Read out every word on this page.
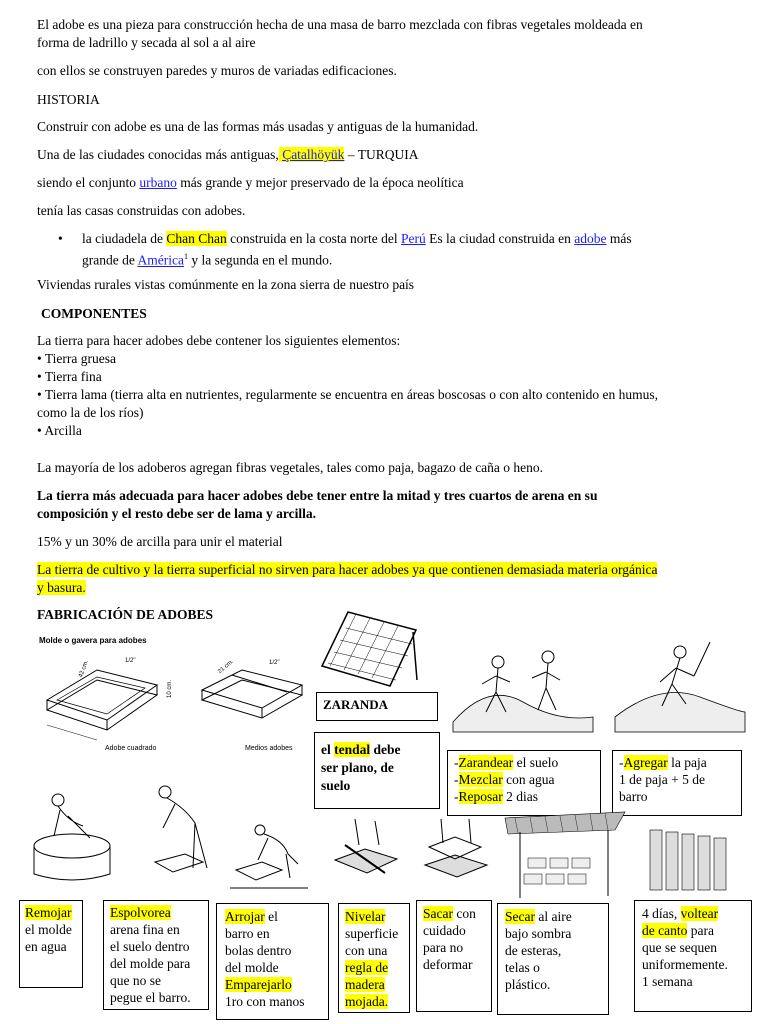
El adobe es una pieza para construcción hecha de una masa de barro mezclada con fibras vegetales moldeada en
forma de ladrillo y secada al sol a al aire
con ellos se construyen paredes y muros de variadas edificaciones.
HISTORIA
Construir con adobe es una de las formas más usadas y antiguas de la humanidad.
Una de las ciudades conocidas más antiguas, Çatalhöyük – TURQUIA
siendo el conjunto urbano más grande y mejor preservado de la época neolítica
tenía las casas construidas con adobes.
• la ciudadela de Chan Chan construida en la costa norte del Perú Es la ciudad construida en adobe más
grande de América$^1$ y la segunda en el mundo.
Viviendas rurales vistas comúnmente en la zona sierra de nuestro país
COMPONENTES
La tierra para hacer adobes debe contener los siguientes elementos:
• Tierra gruesa
• Tierra fina
• Tierra lama (tierra alta en nutrientes, regularmente se encuentra en áreas boscosas o con alto contenido en humus,
como la de los ríos)
• Arcilla
La mayoría de los adoberos agregan fibras vegetales, tales como paja, bagazo de caña o heno.
La tierra más adecuada para hacer adobes debe tener entre la mitad y tres cuartos de arena en su
composición y el resto debe ser de lama y arcilla.
15% y un 30% de arcilla para unir el material
La tierra de cultivo y la tierra superficial no sirven para hacer adobes ya que contienen demasiada materia orgánica
y basura.
FABRICACIÓN DE ADOBES
Molde o gavera para adobes
42 cm.	1/2"
10 cm.
21 cm.	1/2"
Adobe cuadrado	Medios adobes
ZARANDA
el tendal debe
ser plano, de
suelo
-Zarandear el suelo
-Mezclar con agua
-Reposar 2 dias
-Agregar la paja
1 de paja + 5 de
barro
Remojar
el molde
en agua
Espolvorea
arena fina en
el suelo dentro
del molde para
que no se
pegue el barro.
Arrojar el
barro en
bolas dentro
del molde
Emparejarlo
1ro con manos
Nivelar
superficie
con una
regla de
madera
mojada.
Sacar con
cuidado
para no
deformar
Secar al aire
bajo sombra
de esteras,
telas o
plástico.
4 días, voltear
de canto para
que se sequen
uniformemente.
1 semana
